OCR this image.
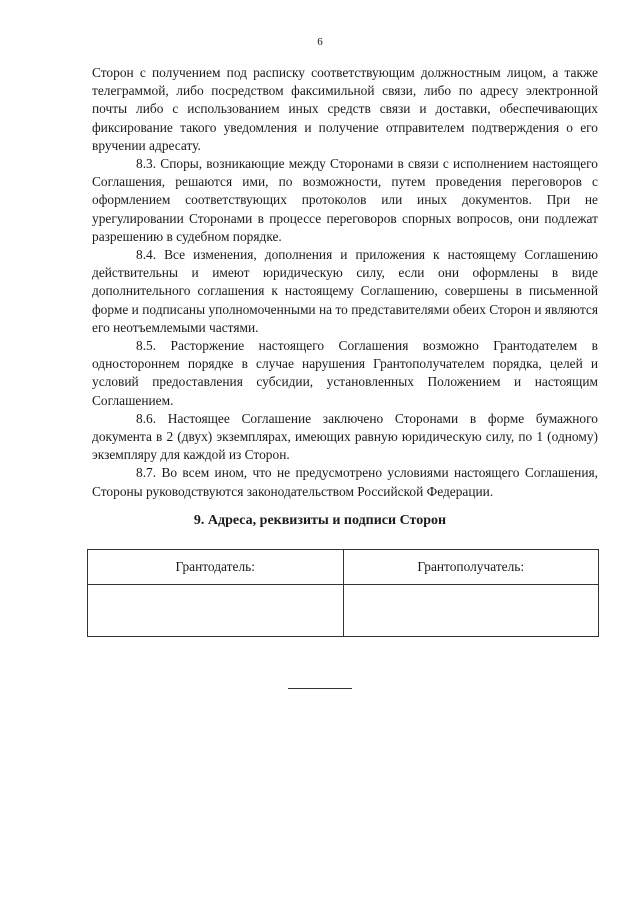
6

Сторон с получением под расписку соответствующим должностным лицом, а также телеграммой, либо посредством факсимильной связи, либо по адресу электронной почты либо с использованием иных средств связи и доставки, обеспечивающих фиксирование такого уведомления и получение отправителем подтверждения о его вручении адресату.

8.3. Споры, возникающие между Сторонами в связи с исполнением настоящего Соглашения, решаются ими, по возможности, путем проведения переговоров с оформлением соответствующих протоколов или иных документов. При не урегулировании Сторонами в процессе переговоров спорных вопросов, они подлежат разрешению в судебном порядке.

8.4. Все изменения, дополнения и приложения к настоящему Соглашению действительны и имеют юридическую силу, если они оформлены в виде дополнительного соглашения к настоящему Соглашению, совершены в письменной форме и подписаны уполномоченными на то представителями обеих Сторон и являются его неотъемлемыми частями.

8.5. Расторжение настоящего Соглашения возможно Грантодателем в одностороннем порядке в случае нарушения Грантополучателем порядка, целей и условий предоставления субсидии, установленных Положением и настоящим Соглашением.

8.6. Настоящее Соглашение заключено Сторонами в форме бумажного документа в 2 (двух) экземплярах, имеющих равную юридическую силу, по 1 (одному) экземпляру для каждой из Сторон.

8.7. Во всем ином, что не предусмотрено условиями настоящего Соглашения, Стороны руководствуются законодательством Российской Федерации.

9. Адреса, реквизиты и подписи Сторон
Грантодатель:	Грантополучатель:
